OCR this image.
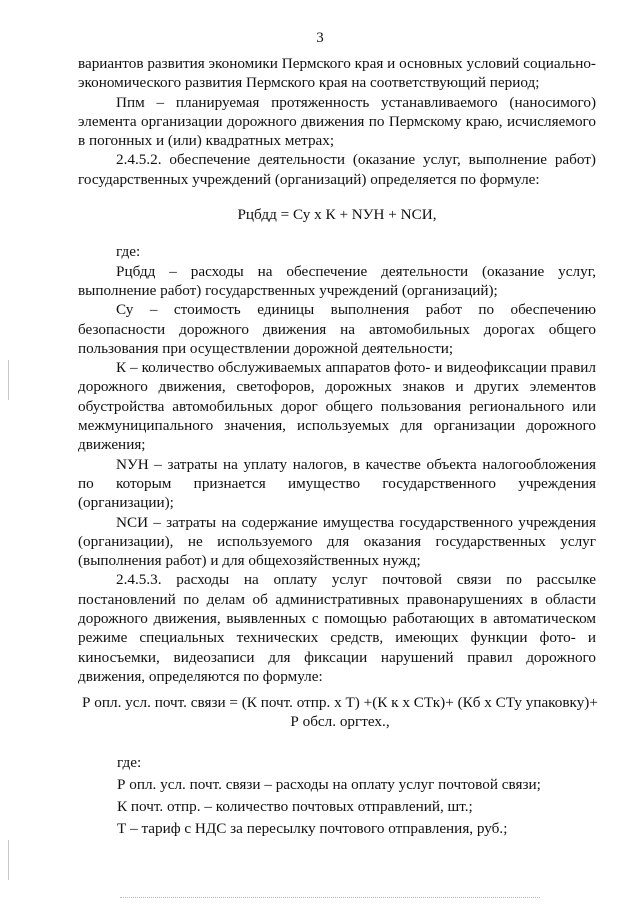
3

вариантов развития экономики Пермского края и основных условий социально-экономического развития Пермского края на соответствующий период;

Ппм – планируемая протяженность устанавливаемого (наносимого) элемента организации дорожного движения по Пермскому краю, исчисляемого в погонных и (или) квадратных метрах;

2.4.5.2. обеспечение деятельности (оказание услуг, выполнение работ) государственных учреждений (организаций) определяется по формуле:

Рцбдд = Су х К + NУН + NСИ,

где:

Рцбдд – расходы на обеспечение деятельности (оказание услуг, выполнение работ) государственных учреждений (организаций);

Су – стоимость единицы выполнения работ по обеспечению безопасности дорожного движения на автомобильных дорогах общего пользования при осуществлении дорожной деятельности;

К – количество обслуживаемых аппаратов фото- и видеофиксации правил дорожного движения, светофоров, дорожных знаков и других элементов обустройства автомобильных дорог общего пользования регионального или межмуниципального значения, используемых для организации дорожного движения;

NУН – затраты на уплату налогов, в качестве объекта налогообложения по которым признается имущество государственного учреждения (организации);

NСИ – затраты на содержание имущества государственного учреждения (организации), не используемого для оказания государственных услуг (выполнения работ) и для общехозяйственных нужд;

2.4.5.3. расходы на оплату услуг почтовой связи по рассылке постановлений по делам об административных правонарушениях в области дорожного движения, выявленных с помощью работающих в автоматическом режиме специальных технических средств, имеющих функции фото- и киносъемки, видеозаписи для фиксации нарушений правил дорожного движения, определяются по формуле:

Р опл. усл. почт. связи = (К почт. отпр. х Т) +(К к х СТк)+ (Кб х СТу упаковку)+
Р обсл. оргтех.,

где:

Р опл. усл. почт. связи – расходы на оплату услуг почтовой связи;

К почт. отпр. – количество почтовых отправлений, шт.;

Т – тариф с НДС за пересылку почтового отправления, руб.;
